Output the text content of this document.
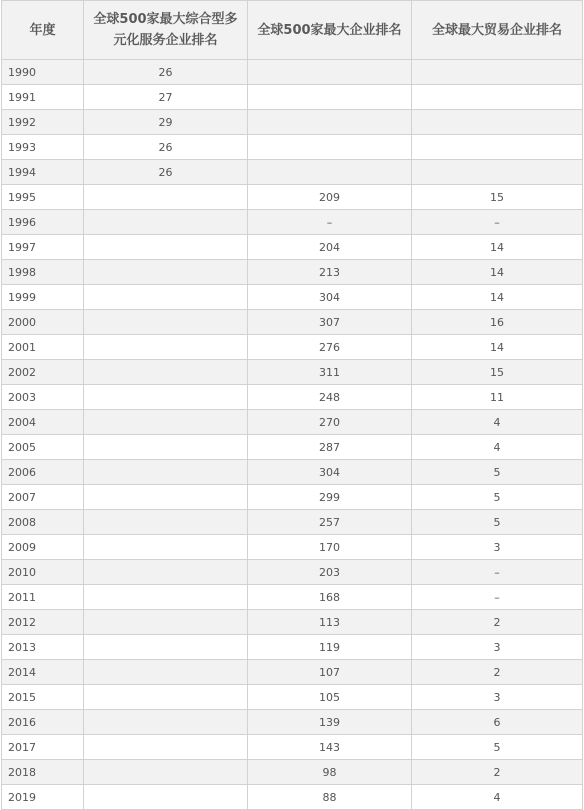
年度	全球500家最大综合型多元化服务企业排名	全球500家最大企业排名	全球最大贸易企业排名

1990	26		
1991	27		
1992	29		
1993	26		
1994	26		
1995		209	15
1996		–	–
1997		204	14
1998		213	14
1999		304	14
2000		307	16
2001		276	14
2002		311	15
2003		248	11
2004		270	4
2005		287	4
2006		304	5
2007		299	5
2008		257	5
2009		170	3
2010		203	–
2011		168	–
2012		113	2
2013		119	3
2014		107	2
2015		105	3
2016		139	6
2017		143	5
2018		98	2
2019		88	4
